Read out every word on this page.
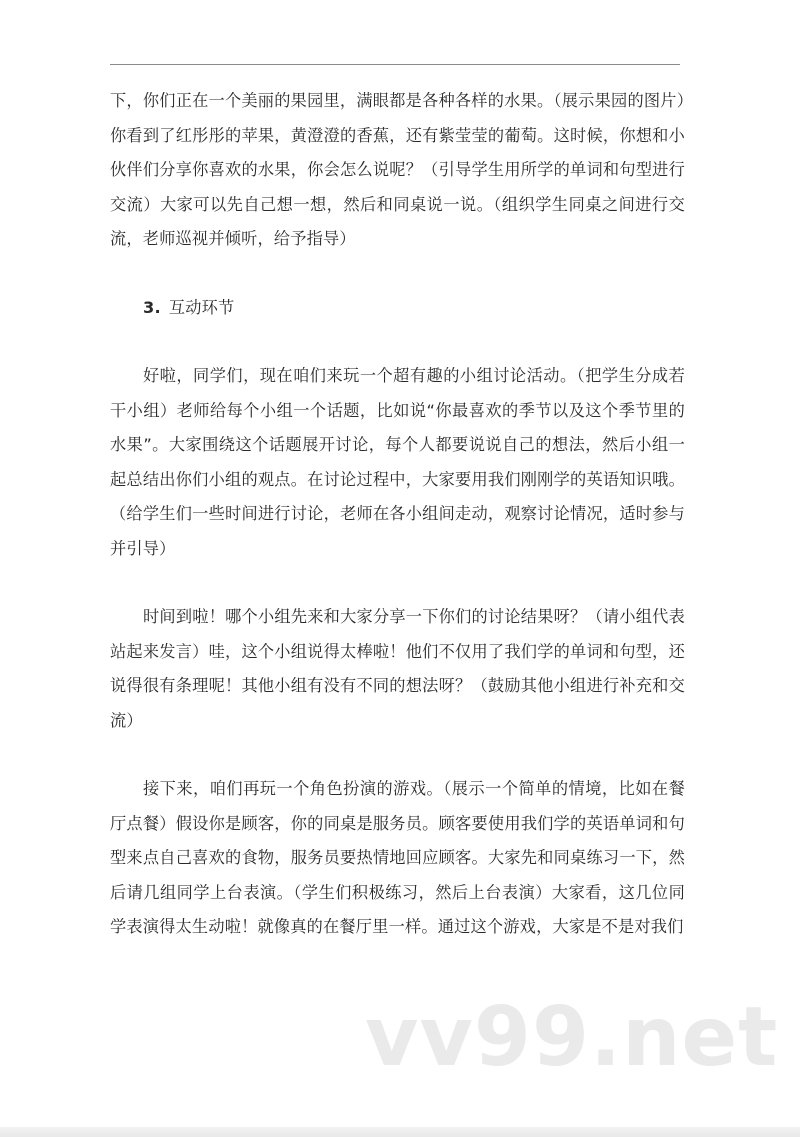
下，你们正在一个美丽的果园里，满眼都是各种各样的水果。（展示果园的图片）你看到了红彤彤的苹果，黄澄澄的香蕉，还有紫莹莹的葡萄。这时候，你想和小伙伴们分享你喜欢的水果，你会怎么说呢？（引导学生用所学的单词和句型进行交流）大家可以先自己想一想，然后和同桌说一说。（组织学生同桌之间进行交流，老师巡视并倾听，给予指导）

3. 互动环节

好啦，同学们，现在咱们来玩一个超有趣的小组讨论活动。（把学生分成若干小组）老师给每个小组一个话题，比如说“你最喜欢的季节以及这个季节里的水果”。大家围绕这个话题展开讨论，每个人都要说说自己的想法，然后小组一起总结出你们小组的观点。在讨论过程中，大家要用我们刚刚学的英语知识哦。（给学生们一些时间进行讨论，老师在各小组间走动，观察讨论情况，适时参与并引导）

时间到啦！哪个小组先来和大家分享一下你们的讨论结果呀？（请小组代表站起来发言）哇，这个小组说得太棒啦！他们不仅用了我们学的单词和句型，还说得很有条理呢！其他小组有没有不同的想法呀？（鼓励其他小组进行补充和交流）

接下来，咱们再玩一个角色扮演的游戏。（展示一个简单的情境，比如在餐厅点餐）假设你是顾客，你的同桌是服务员。顾客要使用我们学的英语单词和句型来点自己喜欢的食物，服务员要热情地回应顾客。大家先和同桌练习一下，然后请几组同学上台表演。（学生们积极练习，然后上台表演）大家看，这几位同学表演得太生动啦！就像真的在餐厅里一样。通过这个游戏，大家是不是对我们

vv99.net
